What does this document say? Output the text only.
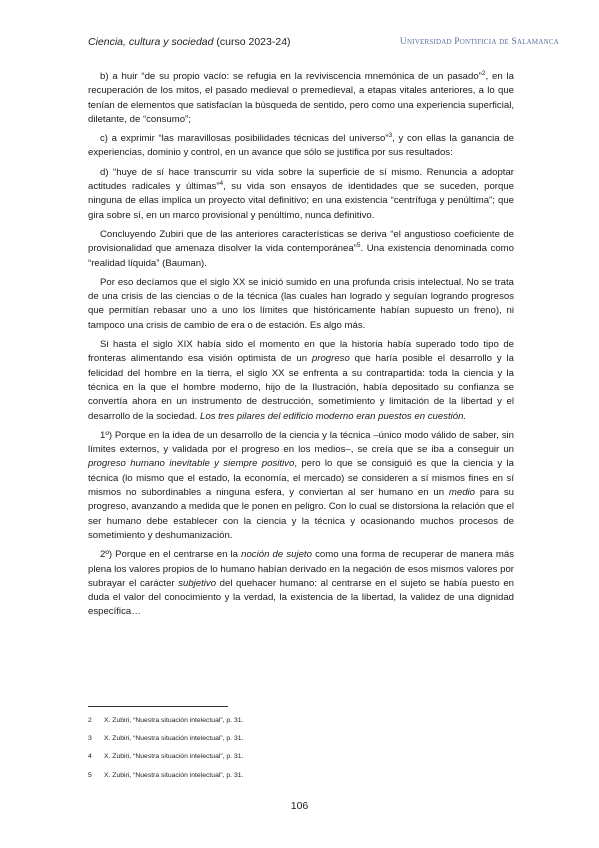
Ciencia, cultura y sociedad (curso 2023-24)	Universidad Pontificia de Salamanca

b) a huir “de su propio vacío: se refugia en la reviviscencia mnemónica de un pasado”$^2$, en la recuperación de los mitos, el pasado medieval o premedieval, a etapas vitales anteriores, a lo que tenían de elementos que satisfacían la búsqueda de sentido, pero como una experiencia superficial, diletante, de “consumo”;

c) a exprimir “las maravillosas posibilidades técnicas del universo”$^3$, y con ellas la ganancia de experiencias, dominio y control, en un avance que sólo se justifica por sus resultados:

d) “huye de sí hace transcurrir su vida sobre la superficie de sí mismo. Renuncia a adoptar actitudes radicales y últimas”$^4$, su vida son ensayos de identidades que se suceden, porque ninguna de ellas implica un proyecto vital definitivo; en una existencia “centrífuga y penúltima”; que gira sobre sí, en un marco provisional y penúltimo, nunca definitivo.

Concluyendo Zubiri que de las anteriores características se deriva “el angustioso coeficiente de provisionalidad que amenaza disolver la vida contemporánea”$^5$. Una existencia denominada como “realidad líquida” (Bauman).

Por eso decíamos que el siglo XX se inició sumido en una profunda crisis intelectual. No se trata de una crisis de las ciencias o de la técnica (las cuales han logrado y seguían logrando progresos que permitían rebasar uno a uno los límites que históricamente habían supuesto un freno), ni tampoco una crisis de cambio de era o de estación. Es algo más.

Si hasta el siglo XIX había sido el momento en que la historia había superado todo tipo de fronteras alimentando esa visión optimista de un progreso que haría posible el desarrollo y la felicidad del hombre en la tierra, el siglo XX se enfrenta a su contrapartida: toda la ciencia y la técnica en la que el hombre moderno, hijo de la Ilustración, había depositado su confianza se convertía ahora en un instrumento de destrucción, sometimiento y limitación de la libertad y el desarrollo de la sociedad. Los tres pilares del edificio moderno eran puestos en cuestión.

1º) Porque en la idea de un desarrollo de la ciencia y la técnica –único modo válido de saber, sin límites externos, y validada por el progreso en los medios–, se creía que se iba a conseguir un progreso humano inevitable y siempre positivo, pero lo que se consiguió es que la ciencia y la técnica (lo mismo que el estado, la economía, el mercado) se consideren a sí mismos fines en sí mismos no subordinables a ninguna esfera, y conviertan al ser humano en un medio para su progreso, avanzando a medida que le ponen en peligro. Con lo cual se distorsiona la relación que el ser humano debe establecer con la ciencia y la técnica y ocasionando muchos procesos de sometimiento y deshumanización.

2º) Porque en el centrarse en la noción de sujeto como una forma de recuperar de manera más plena los valores propios de lo humano habían derivado en la negación de esos mismos valores por subrayar el carácter subjetivo del quehacer humano: al centrarse en el sujeto se había puesto en duda el valor del conocimiento y la verdad, la existencia de la libertad, la validez de una dignidad específica…

2 X. Zubiri, “Nuestra situación intelectual”, p. 31.
3 X. Zubiri, “Nuestra situación intelectual”, p. 31.
4 X. Zubiri, “Nuestra situación intelectual”, p. 31.
5 X. Zubiri, “Nuestra situación intelectual”, p. 31.
106
